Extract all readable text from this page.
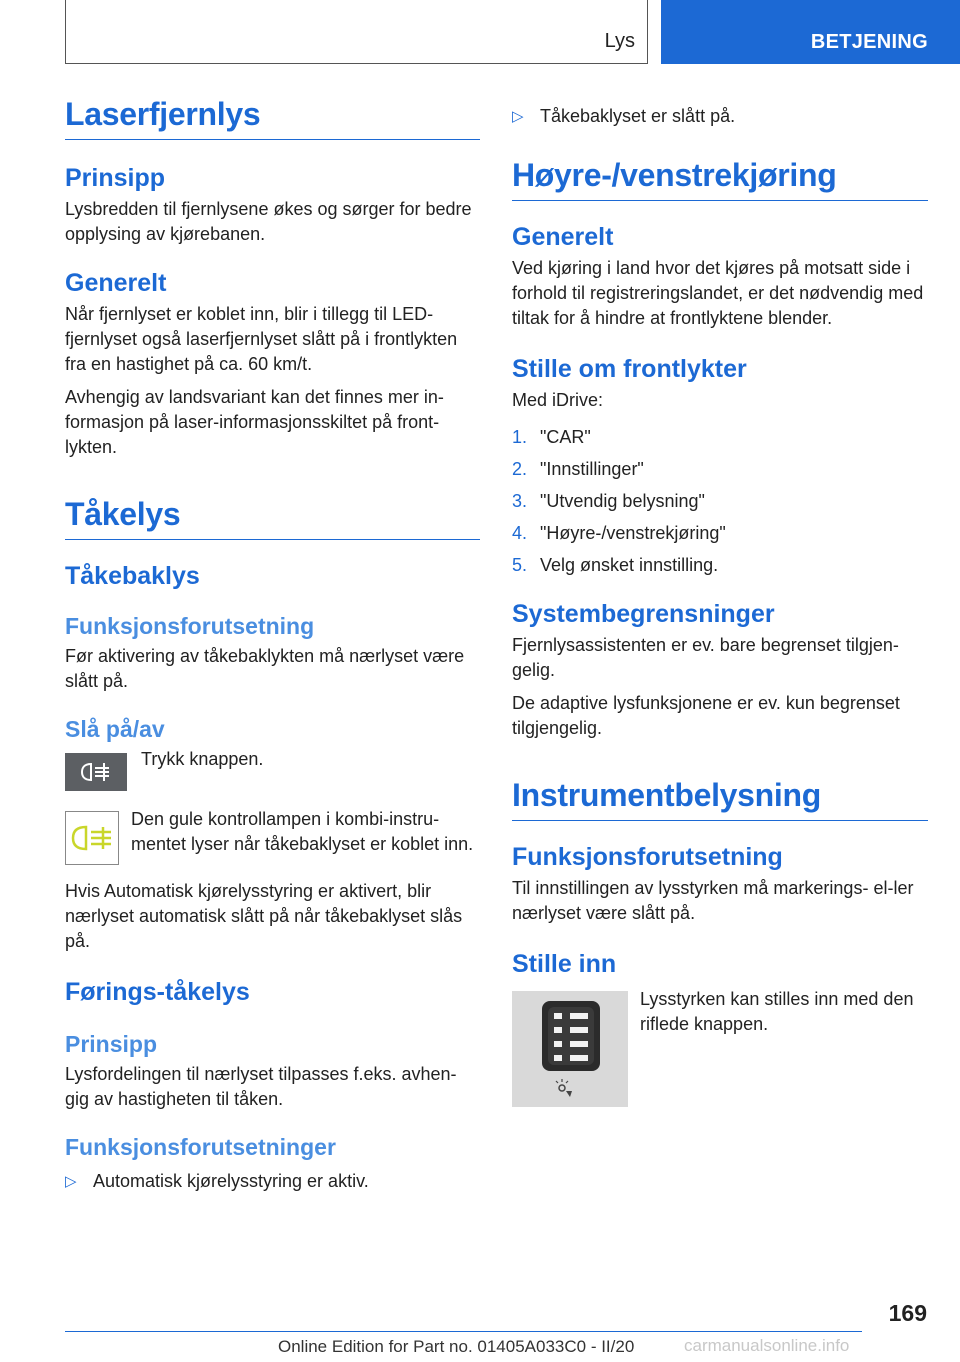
Lys	BETJENING
Laserfjernlys
Prinsipp

Lysbredden til fjernlysene økes og sørger for bedre opplysing av kjørebanen.

Generelt

Når fjernlyset er koblet inn, blir i tillegg til LED-fjernlyset også laserfjernlyset slått på i frontlykten fra en hastighet på ca. 60 km/t.

Avhengig av landsvariant kan det finnes mer in-formasjon på laser-informasjonsskiltet på front-lykten.

Tåkelys
Tåkebaklys
Funksjonsforutsetning

Før aktivering av tåkebaklykten må nærlyset være slått på.

Slå på/av

Trykk knappen.

Den gule kontrollampen i kombi-instru-mentet lyser når tåkebaklyset er koblet inn.

Hvis Automatisk kjørelysstyring er aktivert, blir nærlyset automatisk slått på når tåkebaklyset slås på.

Førings-tåkelys
Prinsipp

Lysfordelingen til nærlyset tilpasses f.eks. avhen-gig av hastigheten til tåken.

Funksjonsforutsetninger
▷ Automatisk kjørelysstyring er aktiv.

▷ Tåkebaklyset er slått på.

Høyre-/venstrekjøring
Generelt

Ved kjøring i land hvor det kjøres på motsatt side i forhold til registreringslandet, er det nødvendig med tiltak for å hindre at frontlyktene blender.

Stille om frontlykter

Med iDrive:

1. "CAR"

2. "Innstillinger"

3. "Utvendig belysning"

4. "Høyre-/venstrekjøring"

5. Velg ønsket innstilling.

Systembegrensninger

Fjernlysassistenten er ev. bare begrenset tilgjen-gelig.

De adaptive lysfunksjonene er ev. kun begrenset tilgjengelig.

Instrumentbelysning
Funksjonsforutsetning

Til innstillingen av lysstyrken må markerings- el-ler nærlyset være slått på.

Stille inn

Lysstyrken kan stilles inn med den riflede knappen.

169
Online Edition for Part no. 01405A033C0 - II/20	carmanualsonline.info
